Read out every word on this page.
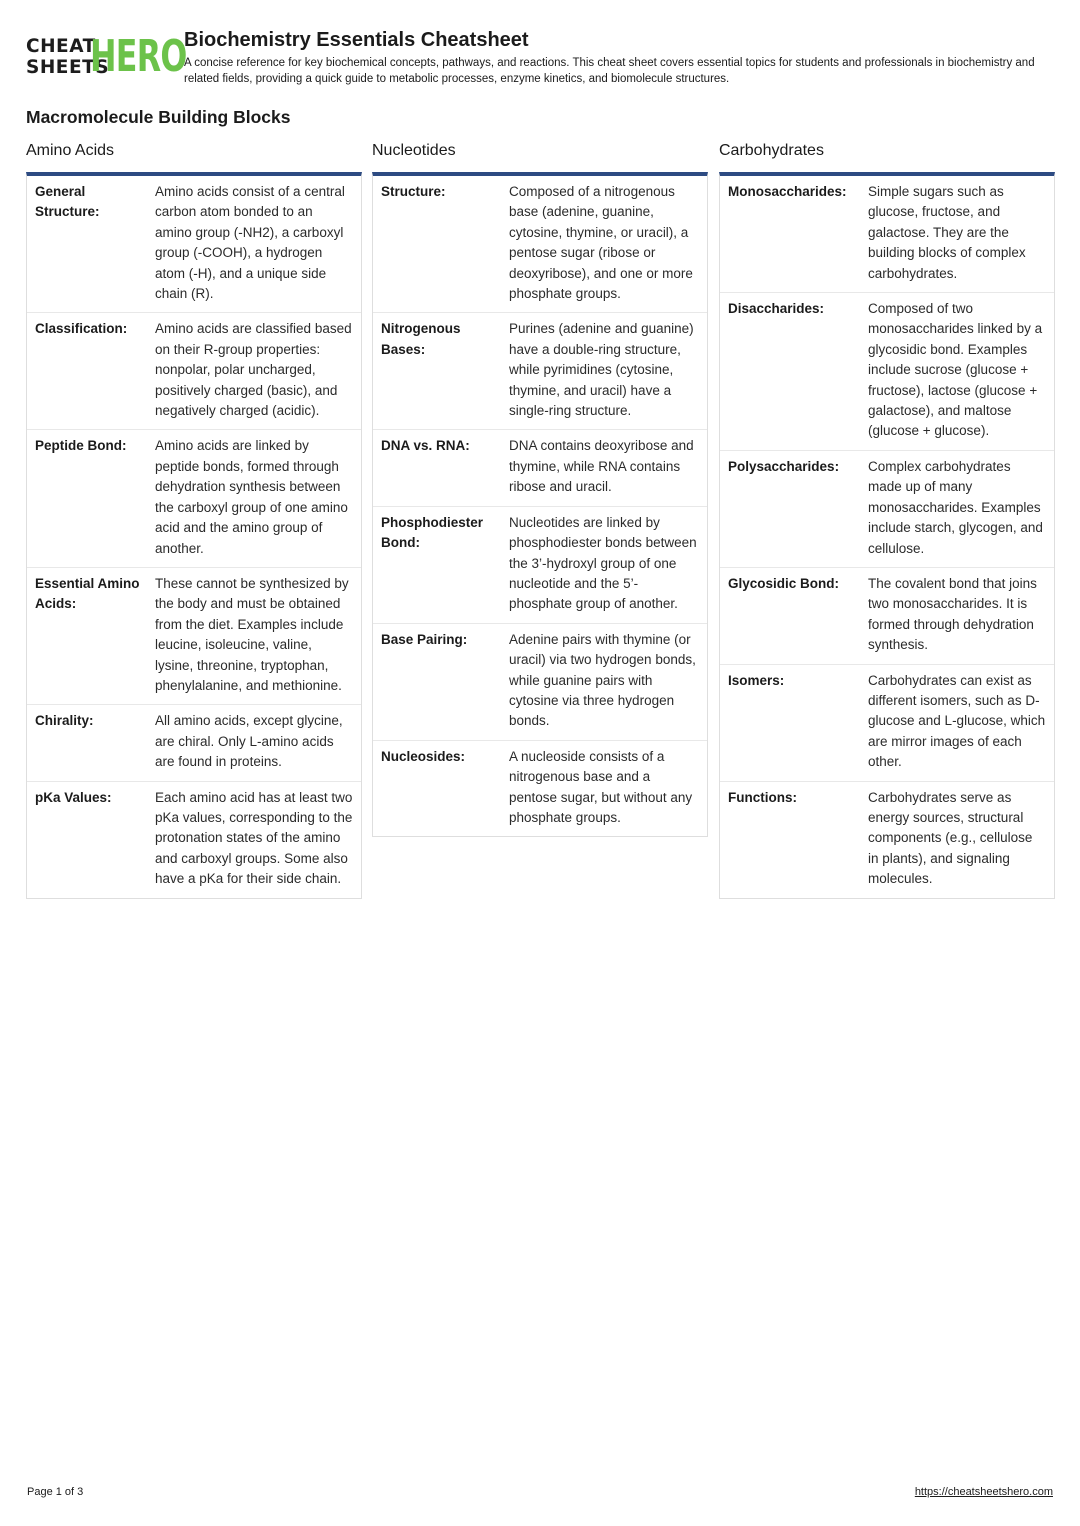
CHEAT
SHEETS
HERO
Biochemistry Essentials Cheatsheet

A concise reference for key biochemical concepts, pathways, and reactions. This cheat sheet covers essential topics for students and professionals in biochemistry and related fields, providing a quick guide to metabolic processes, enzyme kinetics, and biomolecule structures.

Macromolecule Building Blocks
Amino Acids
General Structure:
Amino acids consist of a central carbon atom bonded to an amino group (-NH2), a carboxyl group (-COOH), a hydrogen atom (-H), and a unique side chain (R).
Classification:	Amino acids are classified based on their R-group properties: nonpolar, polar uncharged, positively charged (basic), and negatively charged (acidic).
Peptide Bond:	Amino acids are linked by peptide bonds, formed through dehydration synthesis between the carboxyl group of one amino acid and the amino group of another.
Essential Amino Acids:
These cannot be synthesized by the body and must be obtained from the diet. Examples include leucine, isoleucine, valine, lysine, threonine, tryptophan, phenylalanine, and methionine.
Chirality:	All amino acids, except glycine, are chiral. Only L-amino acids are found in proteins.
pKa Values:	Each amino acid has at least two pKa values, corresponding to the protonation states of the amino and carboxyl groups. Some also have a pKa for their side chain.
Nucleotides
Structure:	Composed of a nitrogenous base (adenine, guanine, cytosine, thymine, or uracil), a pentose sugar (ribose or deoxyribose), and one or more phosphate groups.
Nitrogenous Bases:
Purines (adenine and guanine) have a double-ring structure, while pyrimidines (cytosine, thymine, and uracil) have a single-ring structure.
DNA vs. RNA:	DNA contains deoxyribose and thymine, while RNA contains ribose and uracil.
Phosphodiester Bond:
Nucleotides are linked by phosphodiester bonds between the 3’-hydroxyl group of one nucleotide and the 5’-phosphate group of another.
Base Pairing:	Adenine pairs with thymine (or uracil) via two hydrogen bonds, while guanine pairs with cytosine via three hydrogen bonds.
Nucleosides:	A nucleoside consists of a nitrogenous base and a pentose sugar, but without any phosphate groups.
Carbohydrates
Monosaccharides:	Simple sugars such as glucose, fructose, and galactose. They are the building blocks of complex carbohydrates.
Disaccharides:	Composed of two monosaccharides linked by a glycosidic bond. Examples include sucrose (glucose + fructose), lactose (glucose + galactose), and maltose (glucose + glucose).
Polysaccharides:	Complex carbohydrates made up of many monosaccharides. Examples include starch, glycogen, and cellulose.
Glycosidic Bond:	The covalent bond that joins two monosaccharides. It is formed through dehydration synthesis.
Isomers:	Carbohydrates can exist as different isomers, such as D-glucose and L-glucose, which are mirror images of each other.
Functions:	Carbohydrates serve as energy sources, structural components (e.g., cellulose in plants), and signaling molecules.
Page 1 of 3	https://cheatsheetshero.com
